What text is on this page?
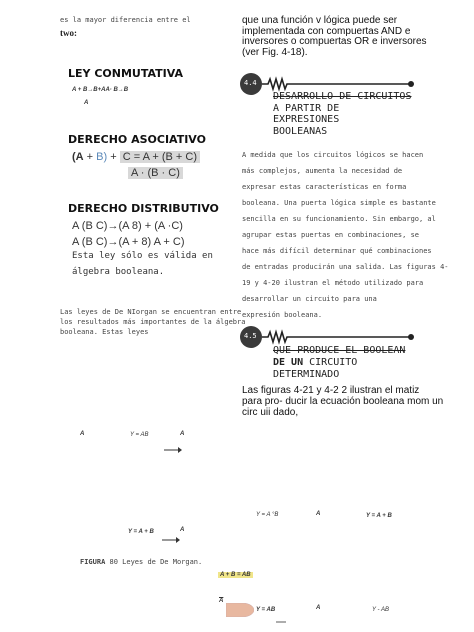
es la mayor diferencia entre el
two:
LEY CONMUTATIVA
A + B→B+AA· B→B
A
DERECHO ASOCIATIVO
(A + B) + C = A + (B + C)
A · (B · C)
DERECHO DISTRIBUTIVO
A (B C)→(A 8) + (A ·C)
A (B C)→(A + 8) A + C)
Esta ley sólo es válida en
álgebra booleana.
Las leyes de De NIorgan se encuentran entre
los resultados más importantes de la álgebra
booleana. Estas leyes
A	Y = AB	A
Y = A + B	A
FIGURA 80 Leyes de De Morgan.
que una función v lógica puede ser
implementada con compuertas AND e
inversores o compuertas OR e inversores
(ver Fig. 4-18).
4.4
DESARROLLO DE CIRCUITOS
A PARTIR DE
EXPRESIONES
BOOLEANAS
A medida que los circuitos lógicos se hacen
más complejos, aumenta la necesidad de
expresar estas características en forma
booleana. Una puerta lógica simple es bastante
sencilla en su funcionamiento. Sin embargo, al
agrupar estas puertas en combinaciones, se
hace más difícil determinar qué combinaciones
de entradas producirán una salida. Las figuras 4-
19 y 4-20 ilustran el método utilizado para
desarrollar un circuito para una
expresión booleana.
4.5
QUE PRODUCE EL BOOLEAN
DE UN CIRCUITO
DETERMINADO
Las figuras 4-21 y 4-2 2 ilustran el matiz
para pro- ducir la ecuación booleana mom un
circ uii dado,
Y = A °B	A	Y = A + B
A + B = AB
$\overline{A}$
Y = AB	A	Y - AB
